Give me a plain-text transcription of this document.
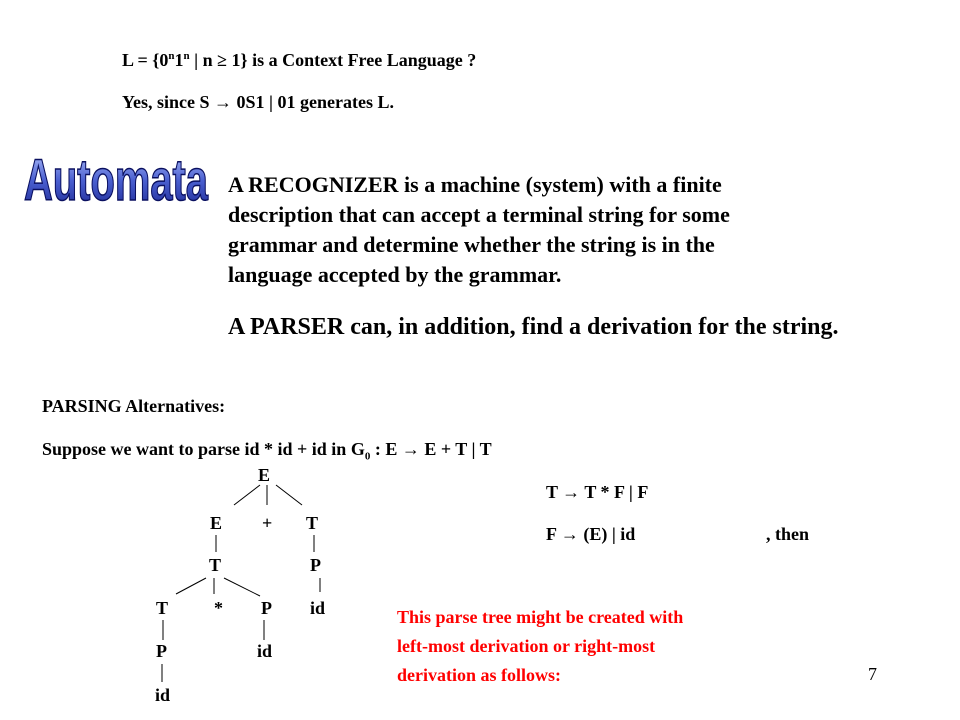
$L = \{0^n1^n$ | n ≥ 1} is a Context Free Language ?
Yes, since S → 0S1 | 01 generates L.
Automata A RECOGNIZER is a machine (system) with a finite
description that can accept a terminal string for some
grammar and determine whether the string is in the
language accepted by the grammar.
A PARSER can, in addition, find a derivation for the string.
PARSING Alternatives:
Suppose we want to parse id * id + id in $G_0$ : E → E + T | T
T → T * F | F
F → (E) | id	, then
E
E + T
T	P
T	* P id
P	id
id
This parse tree might be created with
left-most derivation or right-most
derivation as follows:	7
